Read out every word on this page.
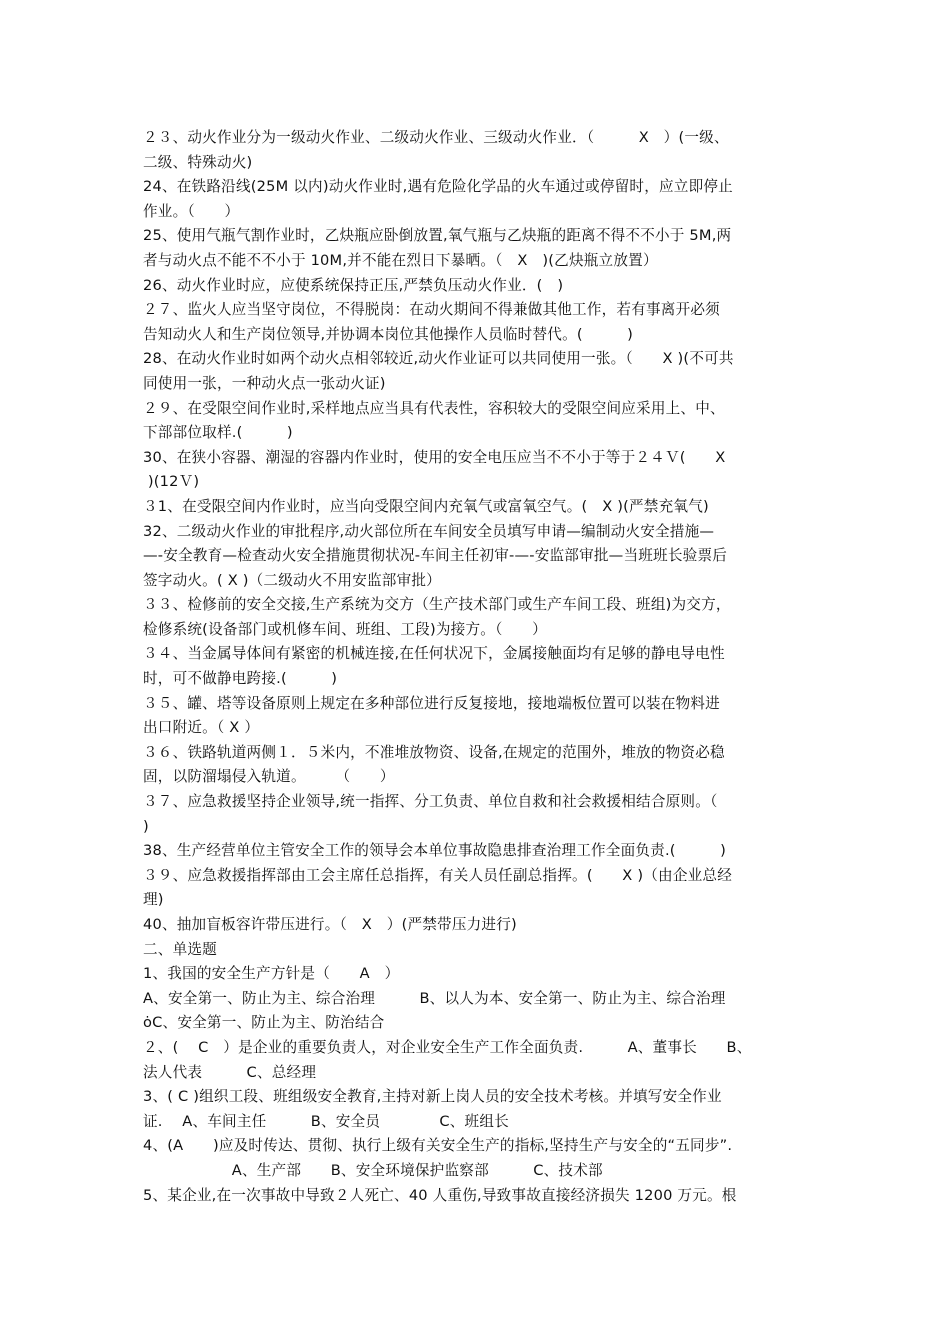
２３、动火作业分为一级动火作业、二级动火作业、三级动火作业．（　　　X　）(一级、
二级、特殊动火)
24、在铁路沿线(25M 以内)动火作业时,遇有危险化学品的火车通过或停留时，应立即停止
作业。（　　）
25、使用气瓶气割作业时，乙炔瓶应卧倒放置,氧气瓶与乙炔瓶的距离不得不不小于 5M,两
者与动火点不能不不小于 10M,并不能在烈日下暴晒。（　X　)(乙炔瓶立放置）
26、动火作业时应，应使系统保持正压,严禁负压动火作业．(　)
２７、监火人应当坚守岗位，不得脱岗：在动火期间不得兼做其他工作，若有事离开必须
告知动火人和生产岗位领导,并协调本岗位其他操作人员临时替代。(　　　)
28、在动火作业时如两个动火点相邻较近,动火作业证可以共同使用一张。（　　X )(不可共
同使用一张，一种动火点一张动火证)
２９、在受限空间作业时,采样地点应当具有代表性，容积较大的受限空间应采用上、中、
下部部位取样.(　　　)
30、在狭小容器、潮湿的容器内作业时，使用的安全电压应当不不小于等于２４Ｖ(　　X
)(12Ｖ)
３1、在受限空间内作业时，应当向受限空间内充氧气或富氧空气。(　X )(严禁充氧气)
32、二级动火作业的审批程序,动火部位所在车间安全员填写申请—编制动火安全措施—
—-安全教育—检查动火安全措施贯彻状况-车间主任初审-—-安监部审批—当班班长验票后
签字动火。( X )（二级动火不用安监部审批）
３３、检修前的安全交接,生产系统为交方（生产技术部门或生产车间工段、班组)为交方，
检修系统(设备部门或机修车间、班组、工段)为接方。（　　）
３４、当金属导体间有紧密的机械连接,在任何状况下，金属接触面均有足够的静电导电性
时，可不做静电跨接.(　　　)
３５、罐、塔等设备原则上规定在多种部位进行反复接地，接地端板位置可以装在物料进
出口附近。（ X ）
３６、铁路轨道两侧１．５米内，不准堆放物资、设备,在规定的范围外，堆放的物资必稳
固，以防溜塌侵入轨道。　　　（　　）
３７、应急救援坚持企业领导,统一指挥、分工负责、单位自救和社会救援相结合原则。（
)
38、生产经营单位主管安全工作的领导会本单位事故隐患排查治理工作全面负责.(　　　)
３９、应急救援指挥部由工会主席任总指挥，有关人员任副总指挥。(　　X )（由企业总经
理)
40、抽加盲板容许带压进行。（　X　）(严禁带压力进行)
二、单选题
1、我国的安全生产方针是（　　A　）
A、安全第一、防止为主、综合治理　　　B、以人为本、安全第一、防止为主、综合治理
ȯC、安全第一、防止为主、防治结合
２、(　 C　）是企业的重要负责人，对企业安全生产工作全面负责.　　　A、董事长　　B、
法人代表　　　C、总经理
3、( C )组织工段、班组级安全教育,主持对新上岗人员的安全技术考核。并填写安全作业
证.　 A、车间主任　　　B、安全员　　　　C、班组长
4、(A　　)应及时传达、贯彻、执行上级有关安全生产的指标,坚持生产与安全的“五同步”.
　　　　　　A、生产部　　B、安全环境保护监察部　　　C、技术部
5、某企业,在一次事故中导致２人死亡、40 人重伤,导致事故直接经济损失 1200 万元。根
